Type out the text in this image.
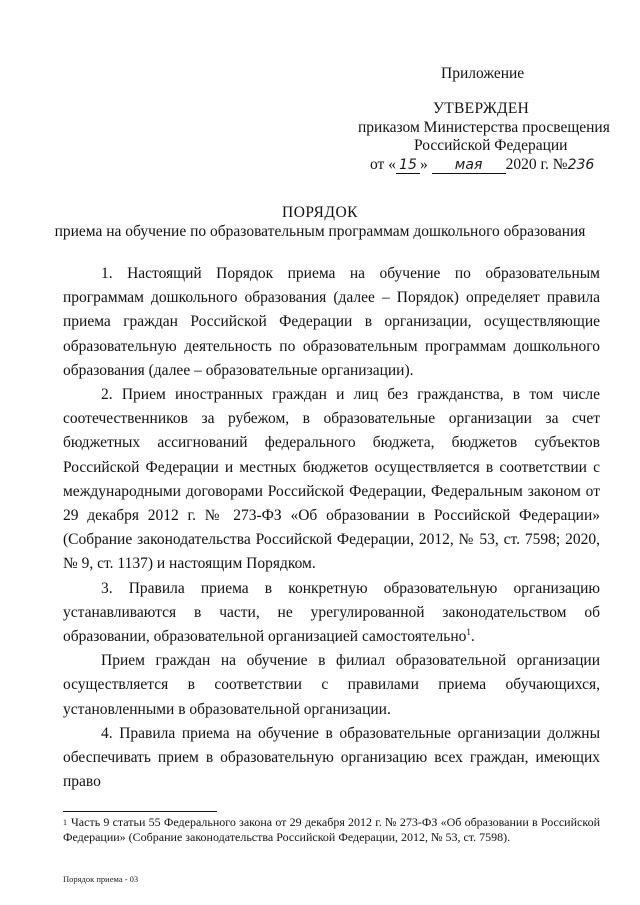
Приложение
УТВЕРЖДЕН
приказом Министерства просвещения
Российской Федерации
от « 15 » мая 2020 г. №236
ПОРЯДОК
приема на обучение по образовательным программам дошкольного образования

1. Настоящий Порядок приема на обучение по образовательным программам дошкольного образования (далее – Порядок) определяет правила приема граждан Российской Федерации в организации, осуществляющие образовательную деятельность по образовательным программам дошкольного образования (далее – образовательные организации).

2. Прием иностранных граждан и лиц без гражданства, в том числе соотечественников за рубежом, в образовательные организации за счет бюджетных ассигнований федерального бюджета, бюджетов субъектов Российской Федерации и местных бюджетов осуществляется в соответствии с международными договорами Российской Федерации, Федеральным законом от 29 декабря 2012 г. № 273-ФЗ «Об образовании в Российской Федерации» (Собрание законодательства Российской Федерации, 2012, № 53, ст. 7598; 2020, № 9, ст. 1137) и настоящим Порядком.

3. Правила приема в конкретную образовательную организацию устанавливаются в части, не урегулированной законодательством об образовании, образовательной организацией самостоятельно$^1$.

Прием граждан на обучение в филиал образовательной организации осуществляется в соответствии с правилами приема обучающихся, установленными в образовательной организации.

4. Правила приема на обучение в образовательные организации должны обеспечивать прием в образовательную организацию всех граждан, имеющих право

$^1$ Часть 9 статьи 55 Федерального закона от 29 декабря 2012 г. № 273-ФЗ «Об образовании в Российской Федерации» (Собрание законодательства Российской Федерации, 2012, № 53, ст. 7598).
Порядок приема - 03
